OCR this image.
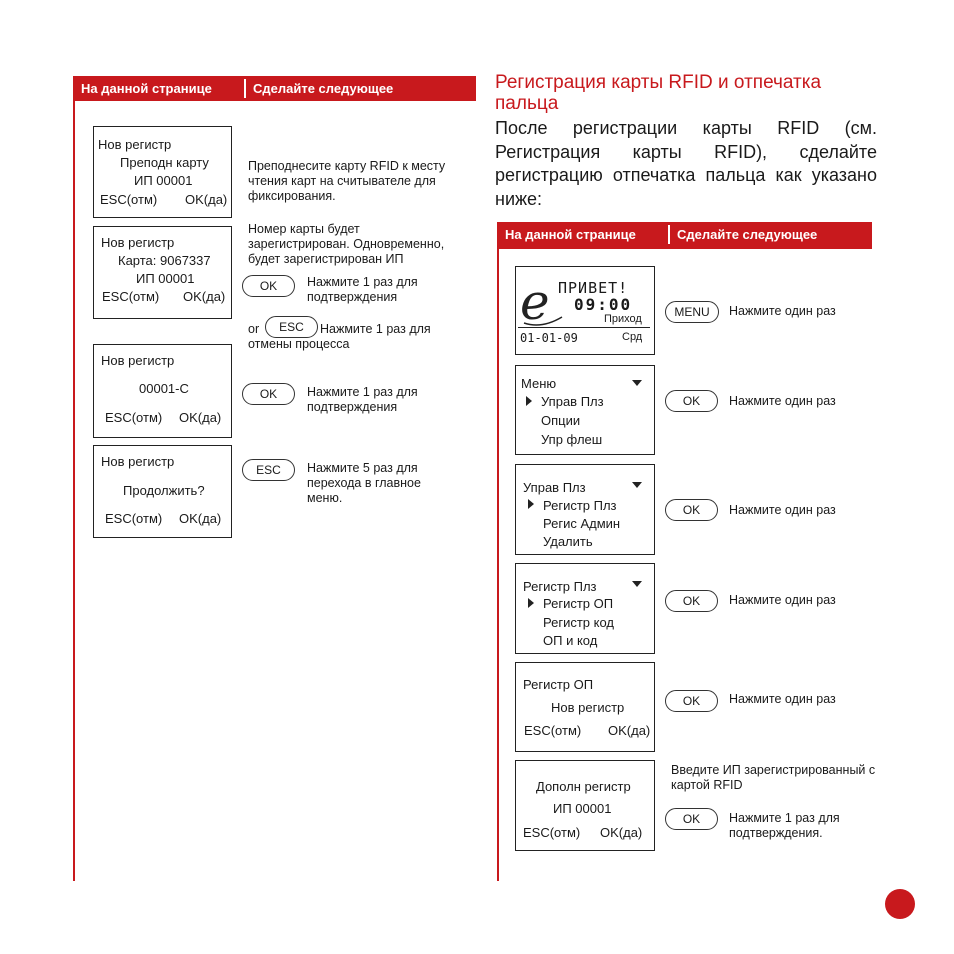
На данной странице	Сделайте следующее
Нов регистр
Преподн карту
ИП 00001
ESC(отм) OK(да)
Преподнесите карту RFID к месту чтения карт на считывателе для фиксирования.
Нов регистр
Карта: 9067337
ИП 00001
ESC(отм) OK(да)
Номер карты будет зарегистрирован. Одновременно, будет зарегистрирован ИП
OK	Нажмите 1 раз для подтверждения
or	ESC	Нажмите 1 раз для отмены процесса
Нов регистр
00001-C
ESC(отм) OK(да)
OK	Нажмите 1 раз для подтверждения
Нов регистр
Продолжить?
ESC(отм) OK(да)
ESC	Нажмите 5 раз для перехода в главное меню.
Регистрация карты RFID и отпечатка пальца
После регистрации карты RFID (см. Регистрация карты RFID), сделайте регистрацию отпечатка пальца как указано ниже:
На данной странице	Сделайте следующее
e ПРИВЕТ!
09:00
Приход
01-01-09	Срд
MENU	Нажмите один раз
Меню
Управ Плз
Опции
Упр флеш
OK	Нажмите один раз
Управ Плз
Регистр Плз
Регис Админ
Удалить
OK	Нажмите один раз
Регистр Плз
Регистр ОП
Регистр код
ОП и код
OK	Нажмите один раз
Регистр ОП
Нов регистр
ESC(отм) OK(да)
OK	Нажмите один раз
Дополн регистр
ИП 00001
ESC(отм) OK(да)
Введите ИП зарегистрированный с картой RFID
OK	Нажмите 1 раз для подтверждения.
